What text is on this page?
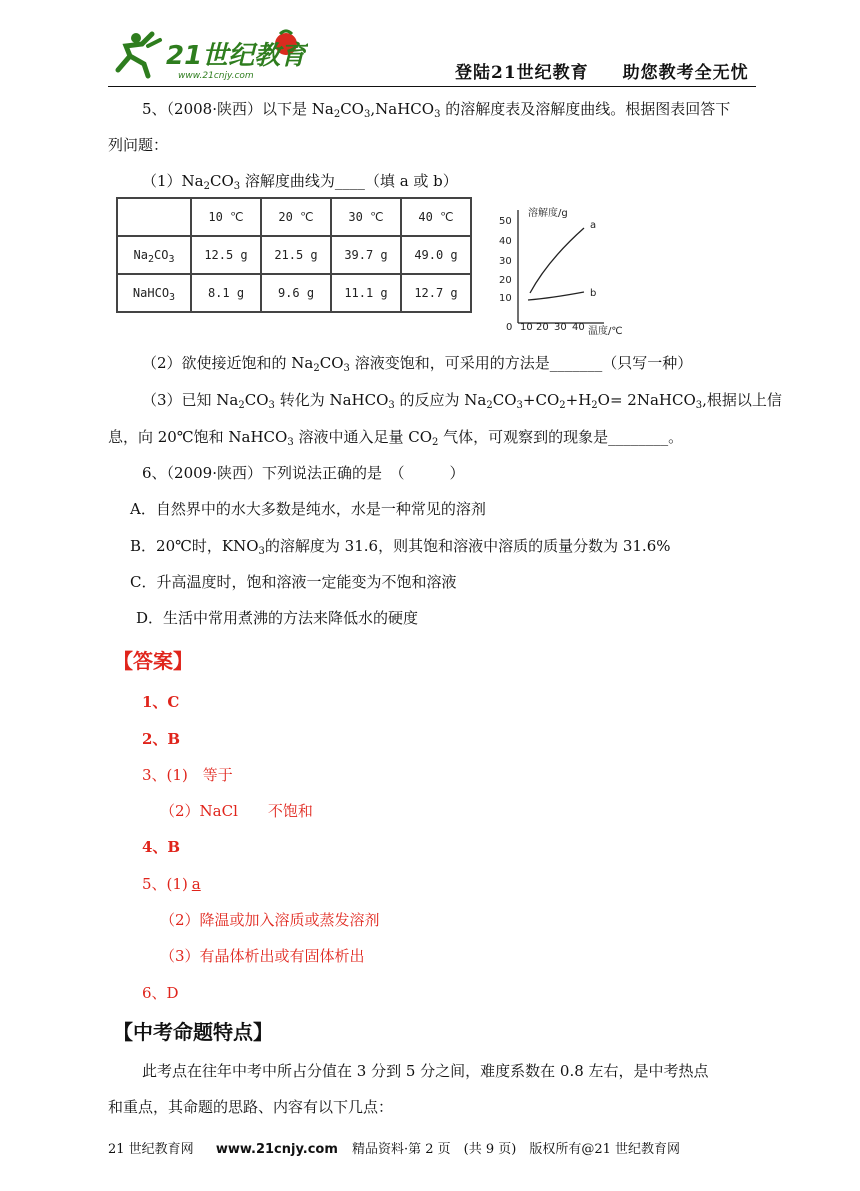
21世纪教育
www.21cnjy.com	登陆21世纪教育 助您教考全无忧
5、（2008·陕西）以下是 $Na_2CO_3,NaHCO_3$ 的溶解度表及溶解度曲线。根据图表回答下
列问题：
$(1)Na_2CO_3$ 溶解度曲线为____（填 a 或 b）
	10 ℃	20 ℃	30 ℃	40 ℃
$Na_2CO_3$	12.5 g	21.5 g	39.7 g	49.0 g
NaHCO$_3$	8.1 g	9.6 g	11.1 g	12.7 g
溶解度/g
温度/℃
50
40
30
20
10
0 10 20 30 40
a
b
（2）欲使接近饱和的 $Na_2CO_3$ 溶液变饱和，可采用的方法是_______（只写一种）
（3）已知 $Na_2CO_3$ 转化为 NaHCO$_3$ 的反应为 $Na_2CO_3+CO_2+H_2O=$ 2NaHCO$_3$,根据以上信
息，向 20℃饱和 NaHCO$_3$ 溶液中通入足量 $CO_2$ 气体，可观察到的现象是________。
6、（2009·陕西）下列说法正确的是　（　　　）
A．自然界中的水大多数是纯水，水是一种常见的溶剂
B．20℃时，$KNO_3$的溶解度为 31.6，则其饱和溶液中溶质的质量分数为 31.6%
C．升高温度时，饱和溶液一定能变为不饱和溶液
D．生活中常用煮沸的方法来降低水的硬度
【答案】
1、C
2、B
3、(1)　等于
（2）NaCl　　不饱和
4、B
5、(1) a
（2）降温或加入溶质或蒸发溶剂
（3）有晶体析出或有固体析出
6、D
【中考命题特点】
此考点在往年中考中所占分值在 3 分到 5 分之间，难度系数在 0.8 左右，是中考热点
和重点，其命题的思路、内容有以下几点：
21 世纪教育网 www.21cnjy.com 精品资料·第 2 页　(共 9 页)　版权所有@21 世纪教育网
